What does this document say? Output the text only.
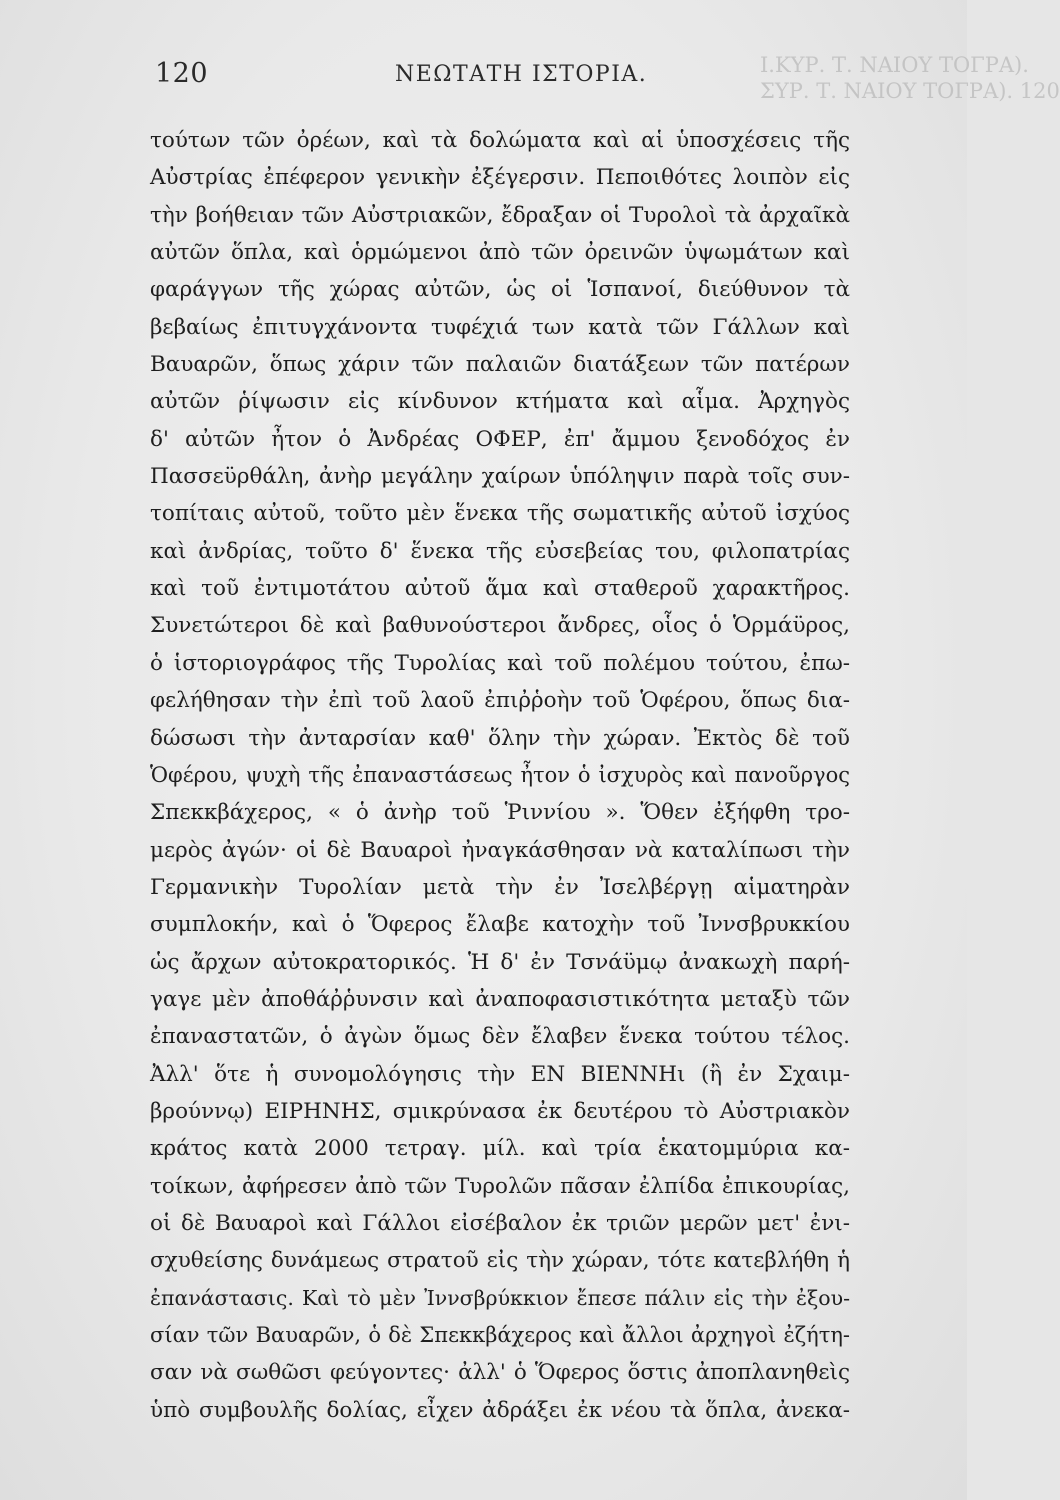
Ι.ΚΥΡ. Τ. ΝΑΙΟΥ ΤΟΓΡΑ).
ΣΥΡ. Τ. ΝΑΙΟΥ ΤΟΓΡΑ). 120
120	ΝΕΩΤΑΤΗ ΙΣΤΟΡΙΑ.
τούτων τῶν ὀρέων, καὶ τὰ δολώματα καὶ αἱ ὑποσχέσεις τῆς
Αὐστρίας ἐπέφερον γενικὴν ἐξέγερσιν. Πεποιθότες λοιπὸν εἰς
τὴν βοήθειαν τῶν Αὐστριακῶν, ἔδραξαν οἱ Τυρολοὶ τὰ ἀρχαῖκὰ
αὐτῶν ὅπλα, καὶ ὁρμώμενοι ἀπὸ τῶν ὀρεινῶν ὑψωμάτων καὶ
φαράγγων τῆς χώρας αὐτῶν, ὡς οἱ Ἱσπανοί, διεύθυνον τὰ
βεβαίως ἐπιτυγχάνοντα τυφέχιά των κατὰ τῶν Γάλλων καὶ
Βαυαρῶν, ὅπως χάριν τῶν παλαιῶν διατάξεων τῶν πατέρων
αὐτῶν ῥίψωσιν εἰς κίνδυνον κτήματα καὶ αἷμα. Ἀρχηγὸς
δ' αὐτῶν ἦτον ὁ Ἀνδρέας ΟΦΕΡ, ἐπ' ἄμμου ξενοδόχος ἐν
Πασσεϋρθάλη, ἀνὴρ μεγάλην χαίρων ὑπόληψιν παρὰ τοῖς συν-
τοπίταις αὐτοῦ, τοῦτο μὲν ἕνεκα τῆς σωματικῆς αὐτοῦ ἰσχύος
καὶ ἀνδρίας, τοῦτο δ' ἕνεκα τῆς εὐσεβείας του, φιλοπατρίας
καὶ τοῦ ἐντιμοτάτου αὐτοῦ ἅμα καὶ σταθεροῦ χαρακτῆρος.
Συνετώτεροι δὲ καὶ βαθυνούστεροι ἄνδρες, οἷος ὁ Ὁρμάϋρος,
ὁ ἱστοριογράφος τῆς Τυρολίας καὶ τοῦ πολέμου τούτου, ἐπω-
φελήθησαν τὴν ἐπὶ τοῦ λαοῦ ἐπιῤῥοὴν τοῦ Ὁφέρου, ὅπως δια-
δώσωσι τὴν ἀνταρσίαν καθ' ὅλην τὴν χώραν. Ἐκτὸς δὲ τοῦ
Ὁφέρου, ψυχὴ τῆς ἐπαναστάσεως ἦτον ὁ ἰσχυρὸς καὶ πανοῦργος
Σπεκκβάχερος, « ὁ ἀνὴρ τοῦ Ῥιννίου ». Ὅθεν ἐξήφθη τρο-
μερὸς ἀγών· οἱ δὲ Βαυαροὶ ἠναγκάσθησαν νὰ καταλίπωσι τὴν
Γερμανικὴν Τυρολίαν μετὰ τὴν ἐν Ἰσελβέργῃ αἱματηρὰν
συμπλοκήν, καὶ ὁ Ὅφερος ἔλαβε κατοχὴν τοῦ Ἰννσβρυκκίου
ὡς ἄρχων αὐτοκρατορικός. Ἡ δ' ἐν Τσνάϋμῳ ἀνακωχὴ παρή-
γαγε μὲν ἀποθάῤῥυνσιν καὶ ἀναποφασιστικότητα μεταξὺ τῶν
ἐπαναστατῶν, ὁ ἀγὼν ὅμως δὲν ἔλαβεν ἕνεκα τούτου τέλος.
Ἀλλ' ὅτε ἡ συνομολόγησις τὴν ΕΝ ΒΙΕΝΝΗι (ἢ ἐν Σχαιμ-
βρούννῳ) ΕΙΡΗΝΗΣ, σμικρύνασα ἐκ δευτέρου τὸ Αὐστριακὸν
κράτος κατὰ 2000 τετραγ. μίλ. καὶ τρία ἑκατομμύρια κα-
τοίκων, ἀφήρεσεν ἀπὸ τῶν Τυρολῶν πᾶσαν ἐλπίδα ἐπικουρίας,
οἱ δὲ Βαυαροὶ καὶ Γάλλοι εἰσέβαλον ἐκ τριῶν μερῶν μετ' ἐνι-
σχυθείσης δυνάμεως στρατοῦ εἰς τὴν χώραν, τότε κατεβλήθη ἡ
ἐπανάστασις. Καὶ τὸ μὲν Ἰννσβρύκκιον ἔπεσε πάλιν εἰς τὴν ἐξου-
σίαν τῶν Βαυαρῶν, ὁ δὲ Σπεκκβάχερος καὶ ἄλλοι ἀρχηγοὶ ἐζήτη-
σαν νὰ σωθῶσι φεύγοντες· ἀλλ' ὁ Ὅφερος ὅστις ἀποπλανηθεὶς
ὑπὸ συμβουλῆς δολίας, εἶχεν ἀδράξει ἐκ νέου τὰ ὅπλα, ἀνεκα-
